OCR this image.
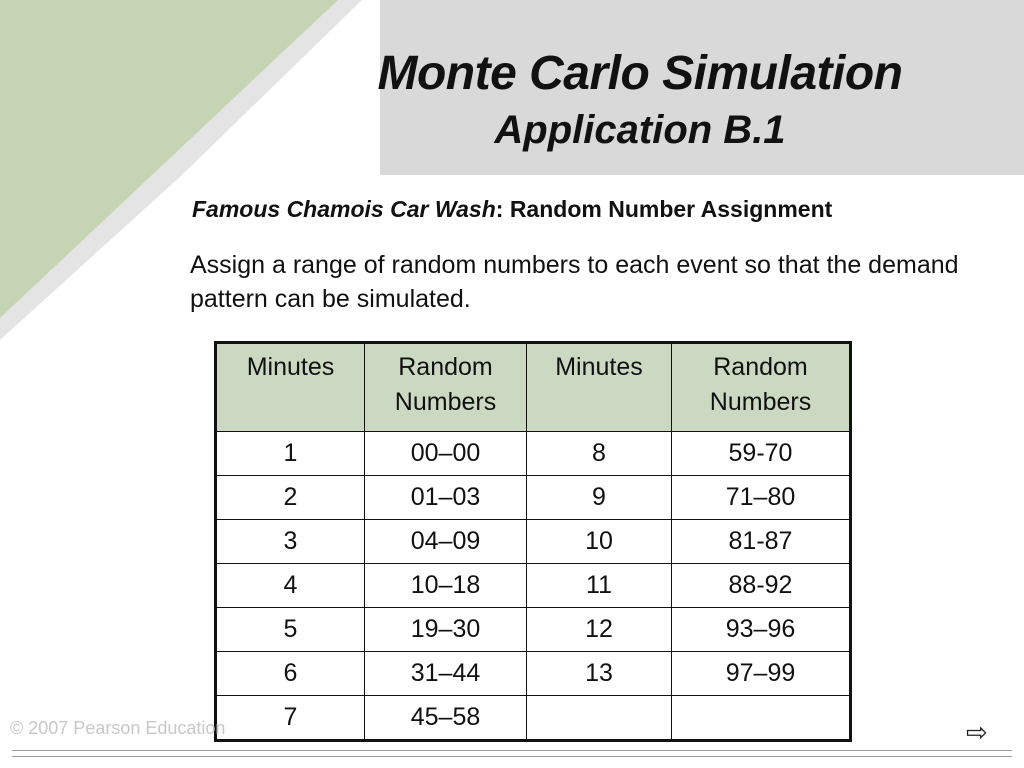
Monte Carlo Simulation
Application B.1
Famous Chamois Car Wash: Random Number Assignment
Assign a range of random numbers to each event so that the demand pattern can be simulated.
Minutes	Random Numbers	Minutes	Random Numbers
1	00–00	8	59-70
2	01–03	9	71–80
3	04–09	10	81-87
4	10–18	11	88-92
5	19–30	12	93–96
6	31–44	13	97–99
7	45–58		
© 2007 Pearson Education	⇨
